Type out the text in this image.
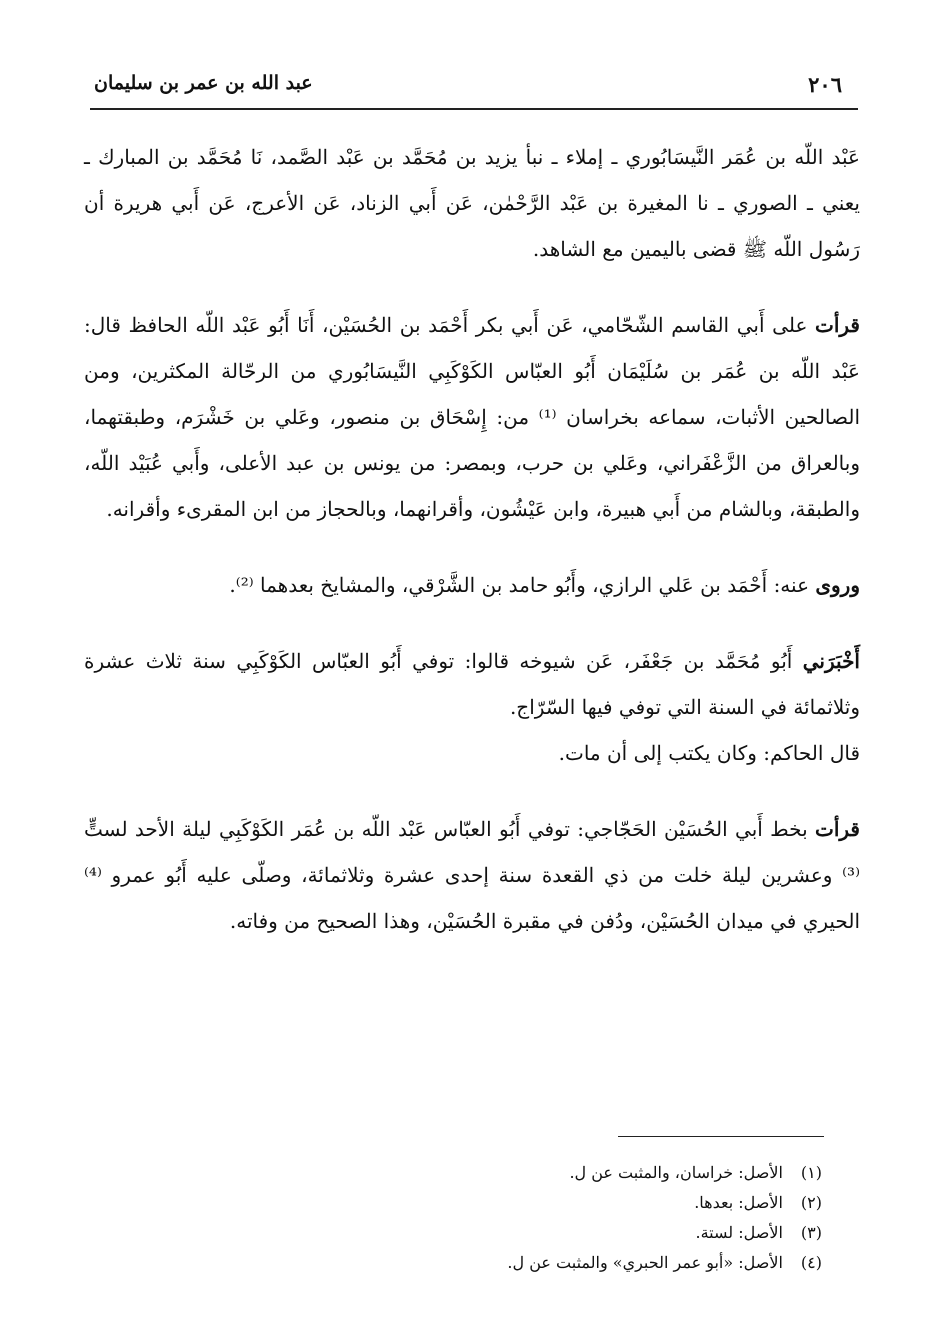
٢٠٦
عبد الله بن عمر بن سليمان

عَبْد اللّه بن عُمَر النَّيسَابُوري ـ إملاء ـ نبأ يزيد بن مُحَمَّد بن عَبْد الصَّمد، نَا مُحَمَّد بن المبارك ـ يعني ـ الصوري ـ نا المغيرة بن عَبْد الرَّحْمٰن، عَن أَبي الزناد، عَن الأعرج، عَن أَبي هريرة أن رَسُول اللّه ﷺ قضى باليمين مع الشاهد.

قرأت على أَبي القاسم الشّحّامي، عَن أَبي بكر أَحْمَد بن الحُسَيْن، أَنَا أَبُو عَبْد اللّه الحافظ قال: عَبْد اللّه بن عُمَر بن سُلَيْمَان أَبُو العبّاس الكَوْكَبِي النَّيسَابُوري من الرحّالة المكثرين، ومن الصالحين الأثبات، سماعه بخراسان ⁽¹⁾ من: إِسْحَاق بن منصور، وعَلي بن خَشْرَم، وطبقتهما، وبالعراق من الزَّعْفَراني، وعَلي بن حرب، وبمصر: من يونس بن عبد الأعلى، وأَبي عُبَيْد اللّه، والطبقة، وبالشام من أَبي هبيرة، وابن عَيْشُون، وأقرانهما، وبالحجاز من ابن المقرىء وأقرانه.

وروى عنه: أَحْمَد بن عَلي الرازي، وأَبُو حامد بن الشَّرْقي، والمشايخ بعدهما ⁽²⁾.

أَخْبَرَني أَبُو مُحَمَّد بن جَعْفَر، عَن شيوخه قالوا: توفي أَبُو العبّاس الكَوْكَبِي سنة ثلاث عشرة وثلاثمائة في السنة التي توفي فيها السّرّاج.

قال الحاكم: وكان يكتب إلى أن مات.

قرأت بخط أَبي الحُسَيْن الحَجّاجي: توفي أَبُو العبّاس عَبْد اللّه بن عُمَر الكَوْكَبِي ليلة الأحد لستٍّ ⁽³⁾ وعشرين ليلة خلت من ذي القعدة سنة إحدى عشرة وثلاثمائة، وصلّى عليه أَبُو عمرو ⁽⁴⁾ الحيري في ميدان الحُسَيْن، ودُفن في مقبرة الحُسَيْن، وهذا الصحيح من وفاته.

(١) الأصل: خراسان، والمثبت عن ل.

(٢) الأصل: بعدها.

(٣) الأصل: لستة.

(٤) الأصل: «أبو عمر الحبري» والمثبت عن ل.
